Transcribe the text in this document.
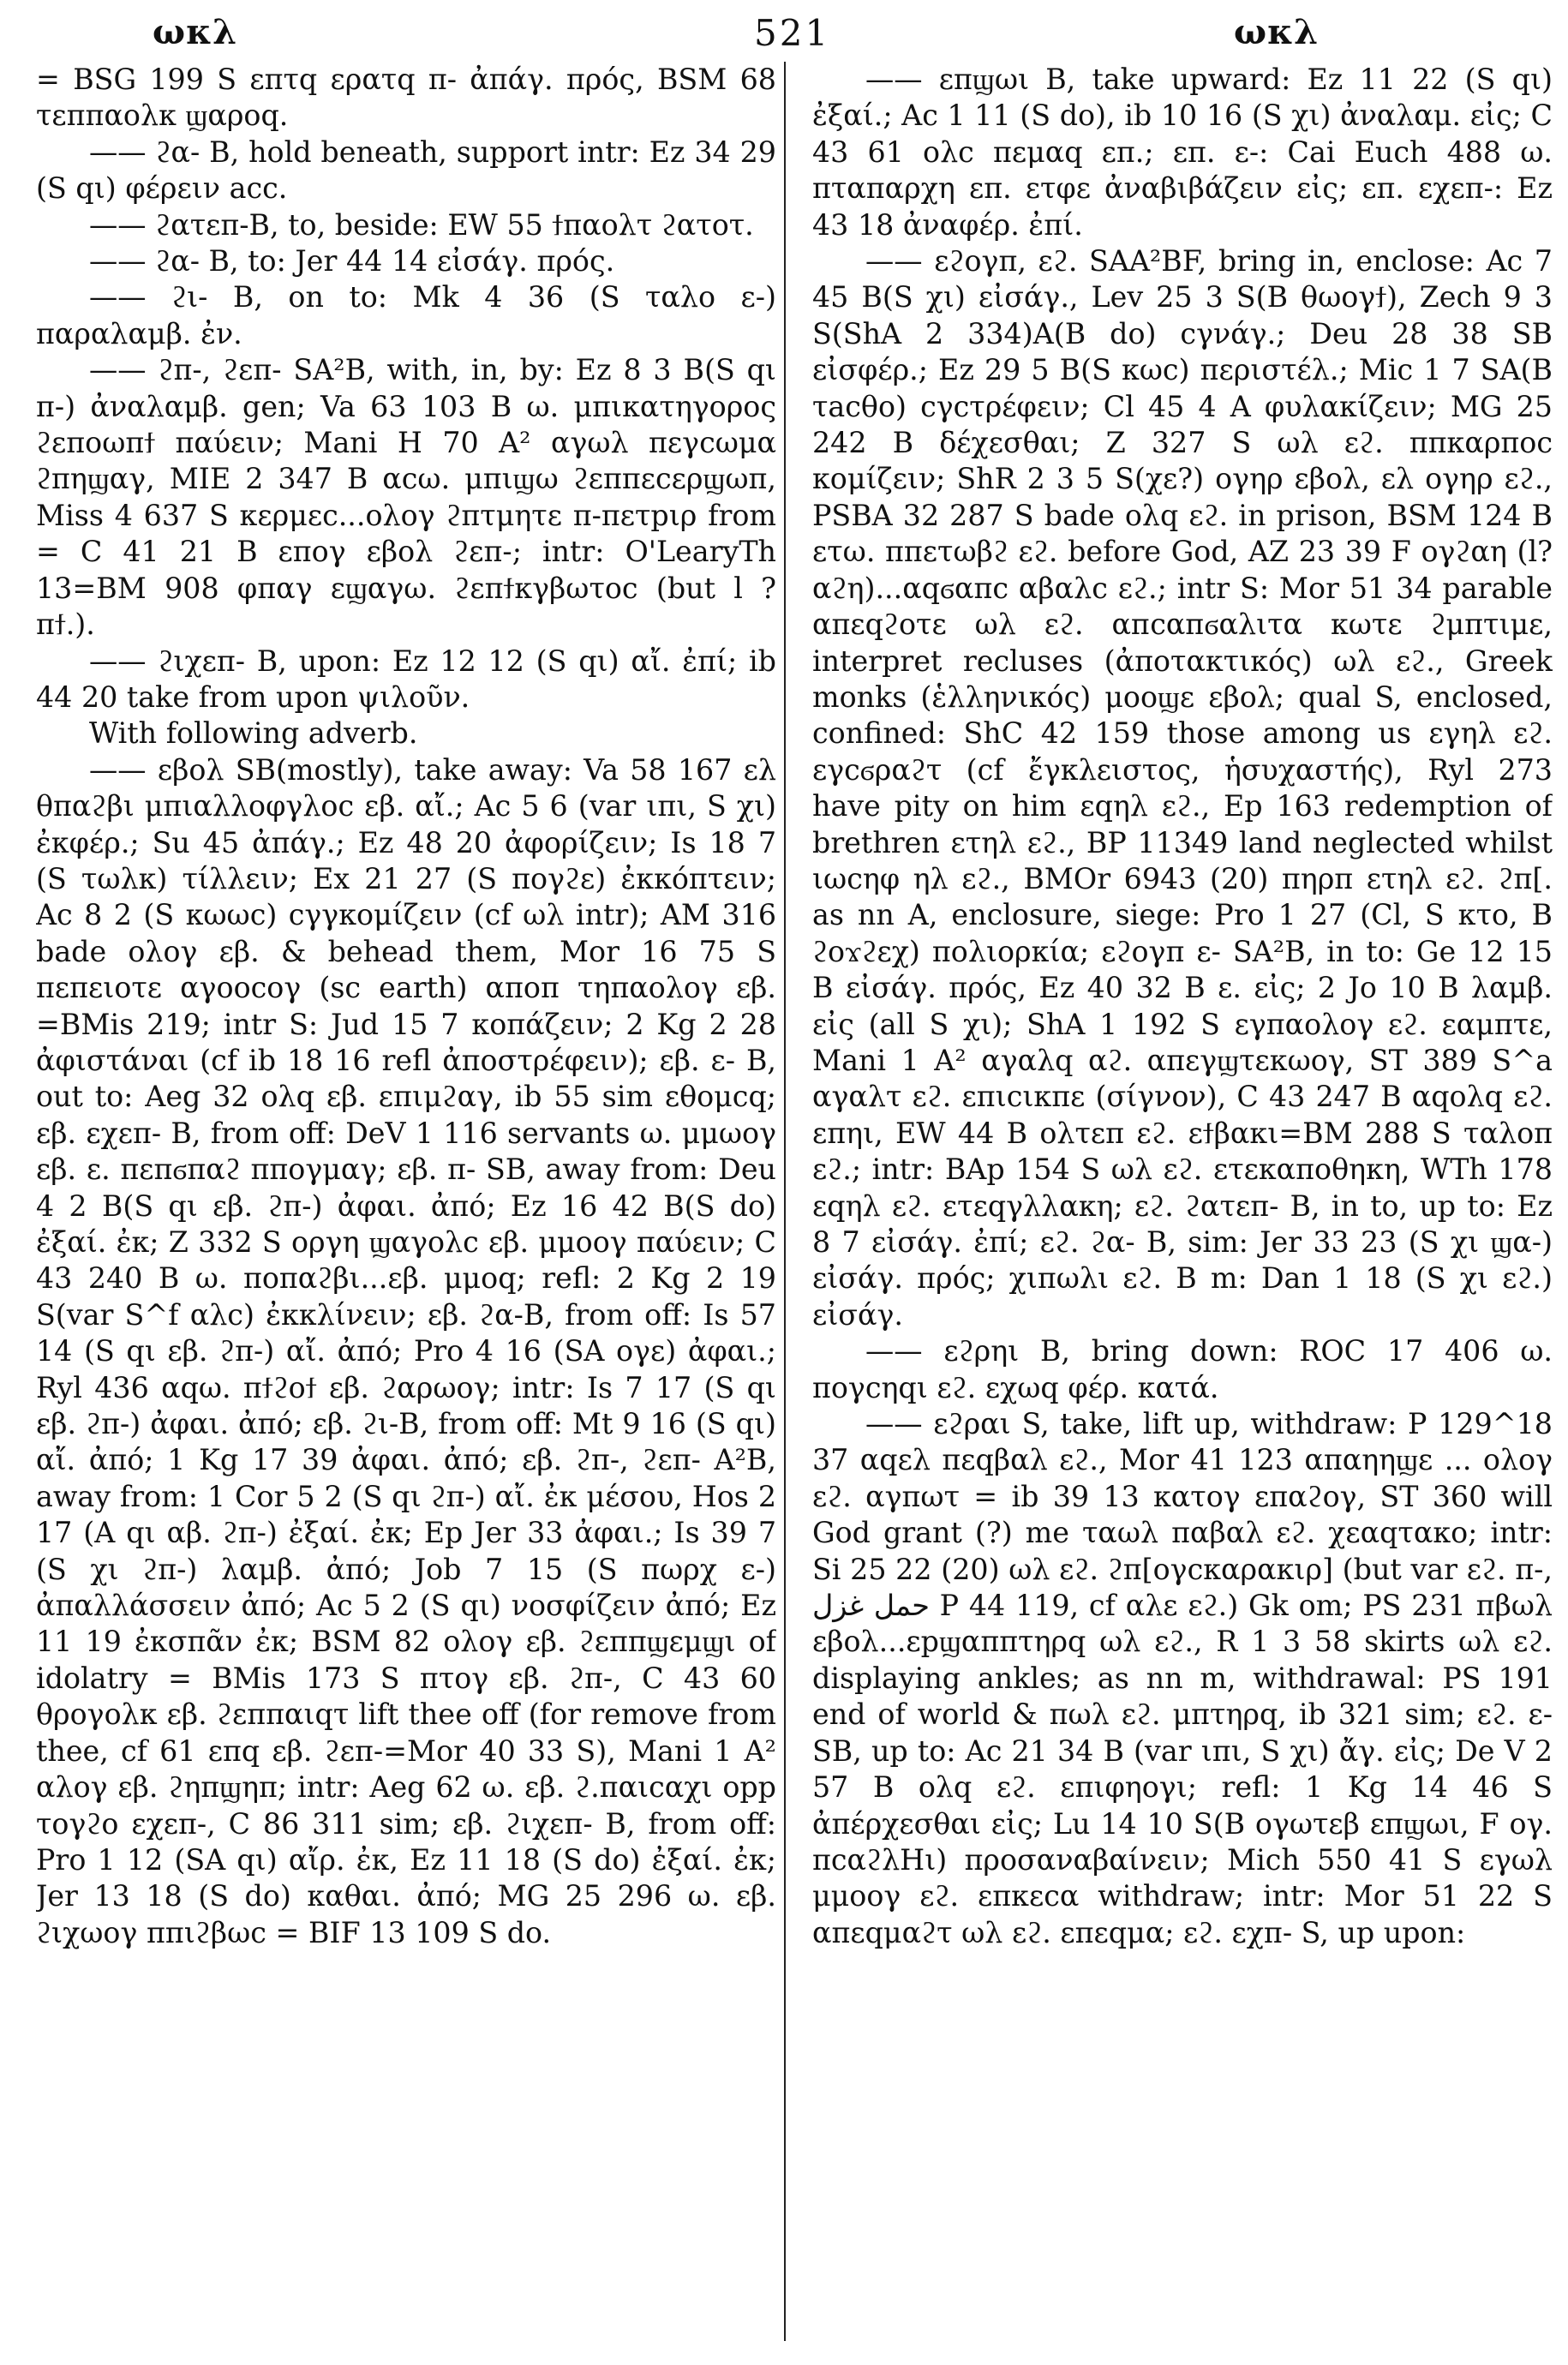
ωκλ	521	ωκλ

= BSG 199 S επτq ερατq π- ἀπάγ. πρός, BSM 68 τεππαολκ ϣαροq.

—— ϩα- B, hold beneath, support intr: Ez 34 29 (S qι) φέρειν acc.

—— ϩατεπ-B, to, beside: EW 55 ϯπαολτ ϩατοτ.

—— ϩα- B, to: Jer 44 14 εἰσάγ. πρός.

—— ϩι- B, on to: Mk 4 36 (S ταλο ε-) παραλαμβ. ἐν.

—— ϩπ-, ϩεπ- SA²B, with, in, by: Ez 8 3 B(S qι π-) ἀναλαμβ. gen; Va 63 103 B ω. μπικατηγορος ϩεποωπϯ παύειν; Mani H 70 A² αγωλ πεγcωμα ϩπηϣαγ, MIE 2 347 B αcω. μπιϣω ϩεππεcερϣωπ, Miss 4 637 S κερμεc...ολογ ϩπτμητε π-πετpιρ from = C 41 21 B επογ εβολ ϩεπ-; intr: O'LearyTh 13=BM 908 φπαγ εϣαγω. ϩεπϯκγβωτοc (but l ? πϯ.).

—— ϩιχεπ- B, upon: Ez 12 12 (S qι) αἴ. ἐπί; ib 44 20 take from upon ψιλοῦν.

With following adverb.

—— εβολ SB(mostly), take away: Va 58 167 ελ θπαϩβι μπιαλλοφγλοc εβ. αἴ.; Ac 5 6 (var ιπι, S χι) ἐκφέρ.; Su 45 ἀπάγ.; Ez 48 20 ἀφορίζειν; Is 18 7 (S τωλκ) τίλλειν; Ex 21 27 (S πογϩε) ἐκκόπτειν; Ac 8 2 (S κωωc) cγγκομίζειν (cf ωλ intr); AM 316 bade ολογ εβ. & behead them, Mor 16 75 S πεπειοτε αγοοcογ (sc earth) απoπ τηπαολογ εβ. =BMis 219; intr S: Jud 15 7 κοπάζειν; 2 Kg 2 28 ἀφιστάναι (cf ib 18 16 refl ἀποστρέφειν); εβ. ε- B, out to: Aeg 32 ολq εβ. επιμϩαγ, ib 55 sim εθομcq; εβ. εχεπ- B, from off: DeV 1 116 servants ω. μμωογ εβ. ε. πεπϭπαϩ ππογμαγ; εβ. π- SB, away from: Deu 4 2 B(S qι εβ. ϩπ-) ἀφαι. ἀπό; Ez 16 42 B(S do) ἐξαί. ἐκ; Z 332 S οργη ϣαγολc εβ. μμοογ παύειν; C 43 240 B ω. ποπαϩβι...εβ. μμοq; refl: 2 Kg 2 19 S(var S^f αλc) ἐκκλίνειν; εβ. ϩα-B, from off: Is 57 14 (S qι εβ. ϩπ-) αἴ. ἀπό; Pro 4 16 (SA ογε) ἀφαι.; Ryl 436 αqω. πϯϩοϯ εβ. ϩαρωογ; intr: Is 7 17 (S qι εβ. ϩπ-) ἀφαι. ἀπό; εβ. ϩι-B, from off: Mt 9 16 (S qι) αἴ. ἀπό; 1 Kg 17 39 ἀφαι. ἀπό; εβ. ϩπ-, ϩεπ- A²B, away from: 1 Cor 5 2 (S qι ϩπ-) αἴ. ἐκ μέσου, Hos 2 17 (A qι αβ. ϩπ-) ἐξαί. ἐκ; Ep Jer 33 ἀφαι.; Is 39 7 (S χι ϩπ-) λαμβ. ἀπό; Job 7 15 (S πωρχ ε-) ἀπαλλάσσειν ἀπό; Ac 5 2 (S qι) νοσφίζειν ἀπό; Ez 11 19 ἐκσπᾶν ἐκ; BSM 82 ολογ εβ. ϩεππϣεμϣι of idolatry = BMis 173 S πτογ εβ. ϩπ-, C 43 60 θρογολκ εβ. ϩεππαιqτ lift thee off (for remove from thee, cf 61 επq εβ. ϩεπ-=Mor 40 33 S), Mani 1 A² αλογ εβ. ϩηπϣηπ; intr: Aeg 62 ω. εβ. ϩ.παιcαχι opp τογϩο εχεπ-, C 86 311 sim; εβ. ϩιχεπ- B, from off: Pro 1 12 (SA qι) αἴρ. ἐκ, Ez 11 18 (S do) ἐξαί. ἐκ; Jer 13 18 (S do) καθαι. ἀπό; MG 25 296 ω. εβ. ϩιχωογ ππιϩβωc = BIF 13 109 S do.

—— επϣωι B, take upward: Ez 11 22 (S qι) ἐξαί.; Ac 1 11 (S do), ib 10 16 (S χι) ἀναλαμ. εἰς; C 43 61 ολc πεμαq επ.; επ. ε-: Cai Euch 488 ω. πταπαρχη επ. ετφε ἀναβιβάζειν εἰς; επ. εχεπ-: Ez 43 18 ἀναφέρ. ἐπί.

—— εϩογπ, εϩ. SAA²BF, bring in, enclose: Ac 7 45 B(S χι) εἰσάγ., Lev 25 3 S(B θωογϯ), Zech 9 3 S(ShA 2 334)A(B do) cγνάγ.; Deu 28 38 SB εἰσφέρ.; Ez 29 5 B(S κωc) περιστέλ.; Mic 1 7 SA(B τacθo) cγcτρέφειν; Cl 45 4 A φυλακίζειν; MG 25 242 B δέχεσθαι; Z 327 S ωλ εϩ. ππκαρπoc κομίζειν; ShR 2 3 5 S(χε?) ογηρ εβολ, ελ ογηρ εϩ., PSBA 32 287 S bade ολq εϩ. in prison, BSM 124 B ετω. ππετωβϩ εϩ. before God, AZ 23 39 F ογϩαη (l? αϩη)...αqϭαπc αβαλc εϩ.; intr S: Mor 51 34 parable απεqϩοτε ωλ εϩ. αпcαпϭαλιτα κωτε ϩμπτιμε, interpret recluses (ἀποτακτικός) ωλ εϩ., Greek monks (ἑλληνικός) μοοϣε εβολ; qual S, enclosed, confined: ShC 42 159 those among us εγηλ εϩ. εγcϭραϩτ (cf ἔγκλειστος, ἡσυχαστής), Ryl 273 have pity on him εqηλ εϩ., Ep 163 redemption of brethren ετηλ εϩ., BP 11349 land neglected whilst ιωcηφ ηλ εϩ., BMOr 6943 (20) πηρπ ετηλ εϩ. ϩπ[. as nn A, enclosure, siege: Pro 1 27 (Cl, S κτο, B ϩοϫϩεχ) πολιορκία; εϩογπ ε- SA²B, in to: Ge 12 15 B εἰσάγ. πρός, Ez 40 32 B ε. εἰς; 2 Jo 10 B λαμβ. εἰς (all S χι); ShA 1 192 S εγπαολογ εϩ. εαμπτε, Mani 1 A² αγαλq αϩ. απεγϣτεκωογ, ST 389 S^a αγαλτ εϩ. επιcικπε (σίγνον), C 43 247 B αqολq εϩ. επηι, EW 44 B ολτεπ εϩ. εϯβακι=BM 288 S ταλοπ εϩ.; intr: BAp 154 S ωλ εϩ. ετεκαποθηκη, WTh 178 εqηλ εϩ. ετεqγλλακη; εϩ. ϩατεπ- B, in to, up to: Ez 8 7 εἰσάγ. ἐπί; εϩ. ϩα- B, sim: Jer 33 23 (S χι ϣα-) εἰσάγ. πρός; χιπωλι εϩ. B m: Dan 1 18 (S χι εϩ.) εἰσάγ.

—— εϩρηι B, bring down: ROC 17 406 ω. πογcηqι εϩ. εχωq φέρ. κατά.

—— εϩραι S, take, lift up, withdraw: P 129^18 37 αqελ πεqβαλ εϩ., Mor 41 123 απαηηϣε ... ολογ εϩ. αγπωτ = ib 39 13 κατογ επαϩογ, ST 360 will God grant (?) me ταωλ παβαλ εϩ. χεαqτακο; intr: Si 25 22 (20) ωλ εϩ. ϩπ[ογcκαρακιρ] (but var εϩ. π-, حمل غزل P 44 119, cf αλε εϩ.) Gk om; PS 231 πβωλ εβολ...εpϣαππτηρq ωλ εϩ., R 1 3 58 skirts ωλ εϩ. displaying ankles; as nn m, withdrawal: PS 191 end of world & πωλ εϩ. μπτηρq, ib 321 sim; εϩ. ε- SB, up to: Ac 21 34 B (var ιπι, S χι) ἄγ. εἰς; De V 2 57 B ολq εϩ. επιφηογι; refl: 1 Kg 14 46 S ἀπέρχεσθαι εἰς; Lu 14 10 S(B ογωτεβ επϣωι, F ογ. πcαϩλHι) προσαναβαίνειν; Mich 550 41 S εγωλ μμοογ εϩ. επκεcα withdraw; intr: Mor 51 22 S απεqμαϩτ ωλ εϩ. επεqμα; εϩ. εχπ- S, up upon:
